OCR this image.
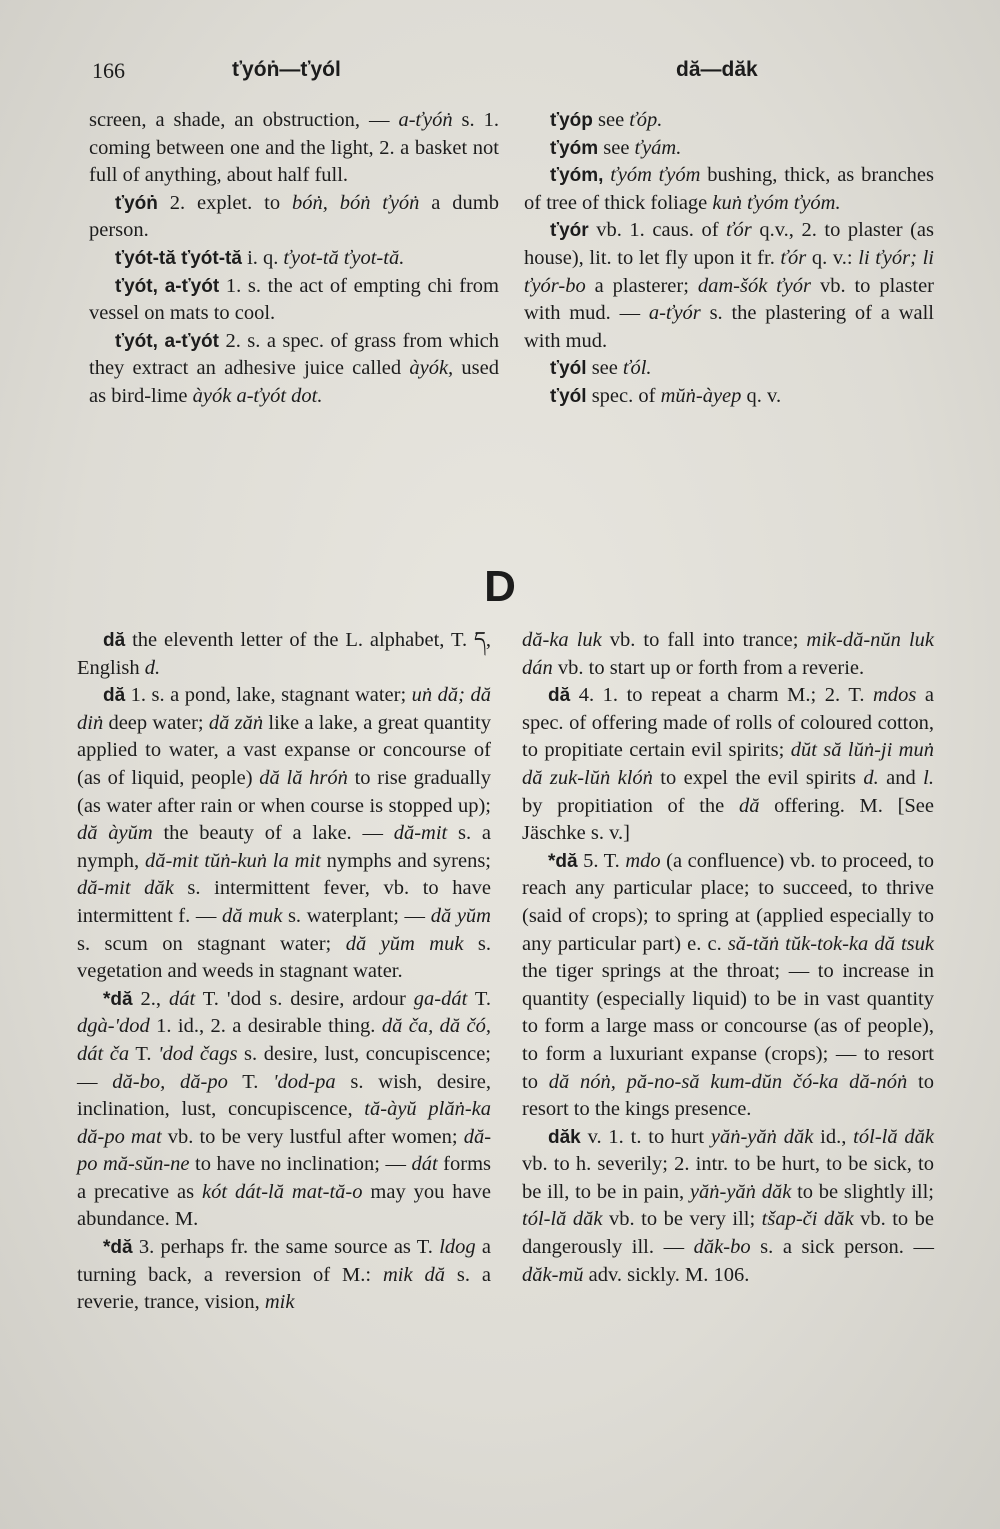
166	ťyóṅ—ťyól	dă—dăk

screen, a shade, an obstruction, — a-ťyóṅ s. 1. coming between one and the light, 2. a basket not full of anything, about half full.

ťyóṅ 2. explet. to bóṅ, bóṅ ťyóṅ a dumb person.

ťyót-tă ťyót-tă i. q. ťyot-tă ťyot-tă.

ťyót, a-ťyót 1. s. the act of empting chi from vessel on mats to cool.

ťyót, a-ťyót 2. s. a spec. of grass from which they extract an adhesive juice called àyók, used as bird-lime àyók a-ťyót dot.

ťyóp see ťóp.

ťyóm see ťyám.

ťyóm, ťyóm ťyóm bushing, thick, as branches of tree of thick foliage kuṅ ťyóm ťyóm.

ťyór vb. 1. caus. of ťór q.v., 2. to plaster (as house), lit. to let fly upon it fr. ťór q. v.: li ťyór; li ťyór-bo a plasterer; dam-šók ťyór vb. to plaster with mud. — a-ťyór s. the plastering of a wall with mud.

ťyól see ťól.

ťyól spec. of mŭṅ-àyep q. v.

D

dă the eleventh letter of the L. alphabet, T. ད, English d.

dă 1. s. a pond, lake, stagnant water; uṅ dă; dă diṅ deep water; dă zăṅ like a lake, a great quantity applied to water, a vast expanse or concourse of (as of liquid, people) dă lă hróṅ to rise gradually (as water after rain or when course is stopped up); dă àyŭm the beauty of a lake. — dă-mit s. a nymph, dă-mit tŭṅ-kuṅ la mit nymphs and syrens; dă-mit dăk s. intermittent fever, vb. to have intermittent f. — dă muk s. waterplant; — dă yŭm s. scum on stagnant water; dă yŭm muk s. vegetation and weeds in stagnant water.

*dă 2., dát T. 'dod s. desire, ardour ga-dát T. dgà-'dod 1. id., 2. a desirable thing. dă ča, dă čó, dát ča T. 'dod čags s. desire, lust, concupiscence; — dă-bo, dă-po T. 'dod-pa s. wish, desire, inclination, lust, concupiscence, tă-àyŭ plăṅ-ka dă-po mat vb. to be very lustful after women; dă-po mă-sŭn-ne to have no inclination; — dát forms a precative as kót dát-lă mat-tă-o may you have abundance. M.

*dă 3. perhaps fr. the same source as T. ldog a turning back, a reversion of M.: mik dă s. a reverie, trance, vision, mik

dă-ka luk vb. to fall into trance; mik-dă-nŭn luk dán vb. to start up or forth from a reverie.

dă 4. 1. to repeat a charm M.; 2. T. mdos a spec. of offering made of rolls of coloured cotton, to propitiate certain evil spirits; dŭt să lŭṅ-ji muṅ dă zuk-lŭṅ klóṅ to expel the evil spirits d. and l. by propitiation of the dă offering. M. [See Jäschke s. v.]

*dă 5. T. mdo (a confluence) vb. to proceed, to reach any particular place; to succeed, to thrive (said of crops); to spring at (applied especially to any particular part) e. c. să-tăṅ tŭk-tok-ka dă tsuk the tiger springs at the throat; — to increase in quantity (especially liquid) to be in vast quantity to form a large mass or concourse (as of people), to form a luxuriant expanse (crops); — to resort to dă nóṅ, pă-no-să kum-dŭn čó-ka dă-nóṅ to resort to the kings presence.

dăk v. 1. t. to hurt yăṅ-yăṅ dăk id., tól-lă dăk vb. to h. severily; 2. intr. to be hurt, to be sick, to be ill, to be in pain, yăṅ-yăṅ dăk to be slightly ill; tól-lă dăk vb. to be very ill; tšap-či dăk vb. to be dangerously ill. — dăk-bo s. a sick person. — dăk-mŭ adv. sickly. M. 106.
